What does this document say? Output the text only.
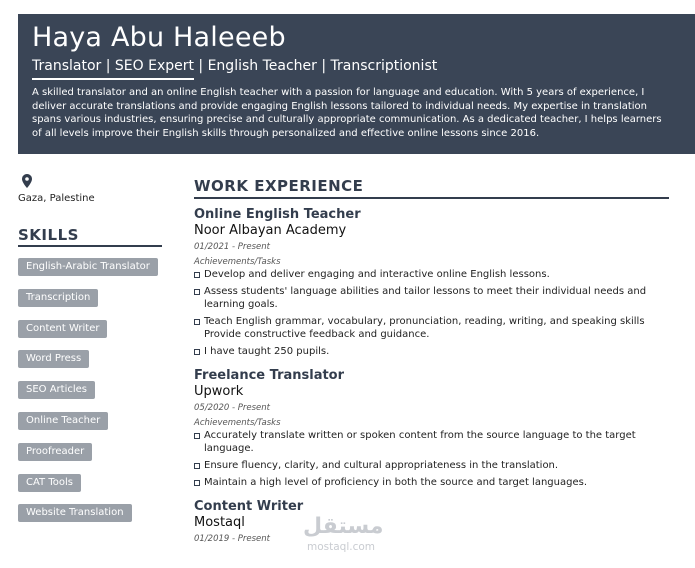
Haya Abu Haleeeb
Translator | SEO Expert | English Teacher | Transcriptionist
A skilled translator and an online English teacher with a passion for language and education. With 5 years of experience, I deliver accurate translations and provide engaging English lessons tailored to individual needs. My expertise in translation spans various industries, ensuring precise and culturally appropriate communication. As a dedicated teacher, I helps learners of all levels improve their English skills through personalized and effective online lessons since 2016.
Gaza, Palestine
SKILLS
English-Arabic Translator
Transcription
Content Writer
Word Press
SEO Articles
Online Teacher
Proofreader
CAT Tools
Website Translation
WORK EXPERIENCE
Online English Teacher
Noor Albayan Academy
01/2021 - Present
Achievements/Tasks
Develop and deliver engaging and interactive online English lessons.
Assess students' language abilities and tailor lessons to meet their individual needs and learning goals.
Teach English grammar, vocabulary, pronunciation, reading, writing, and speaking skills Provide constructive feedback and guidance.
I have taught 250 pupils.
Freelance Translator
Upwork
05/2020 - Present
Achievements/Tasks
Accurately translate written or spoken content from the source language to the target language.
Ensure fluency, clarity, and cultural appropriateness in the translation.
Maintain a high level of proficiency in both the source and target languages.
Content Writer
Mostaql
01/2019 - Present	مستقل
mostaql.com
